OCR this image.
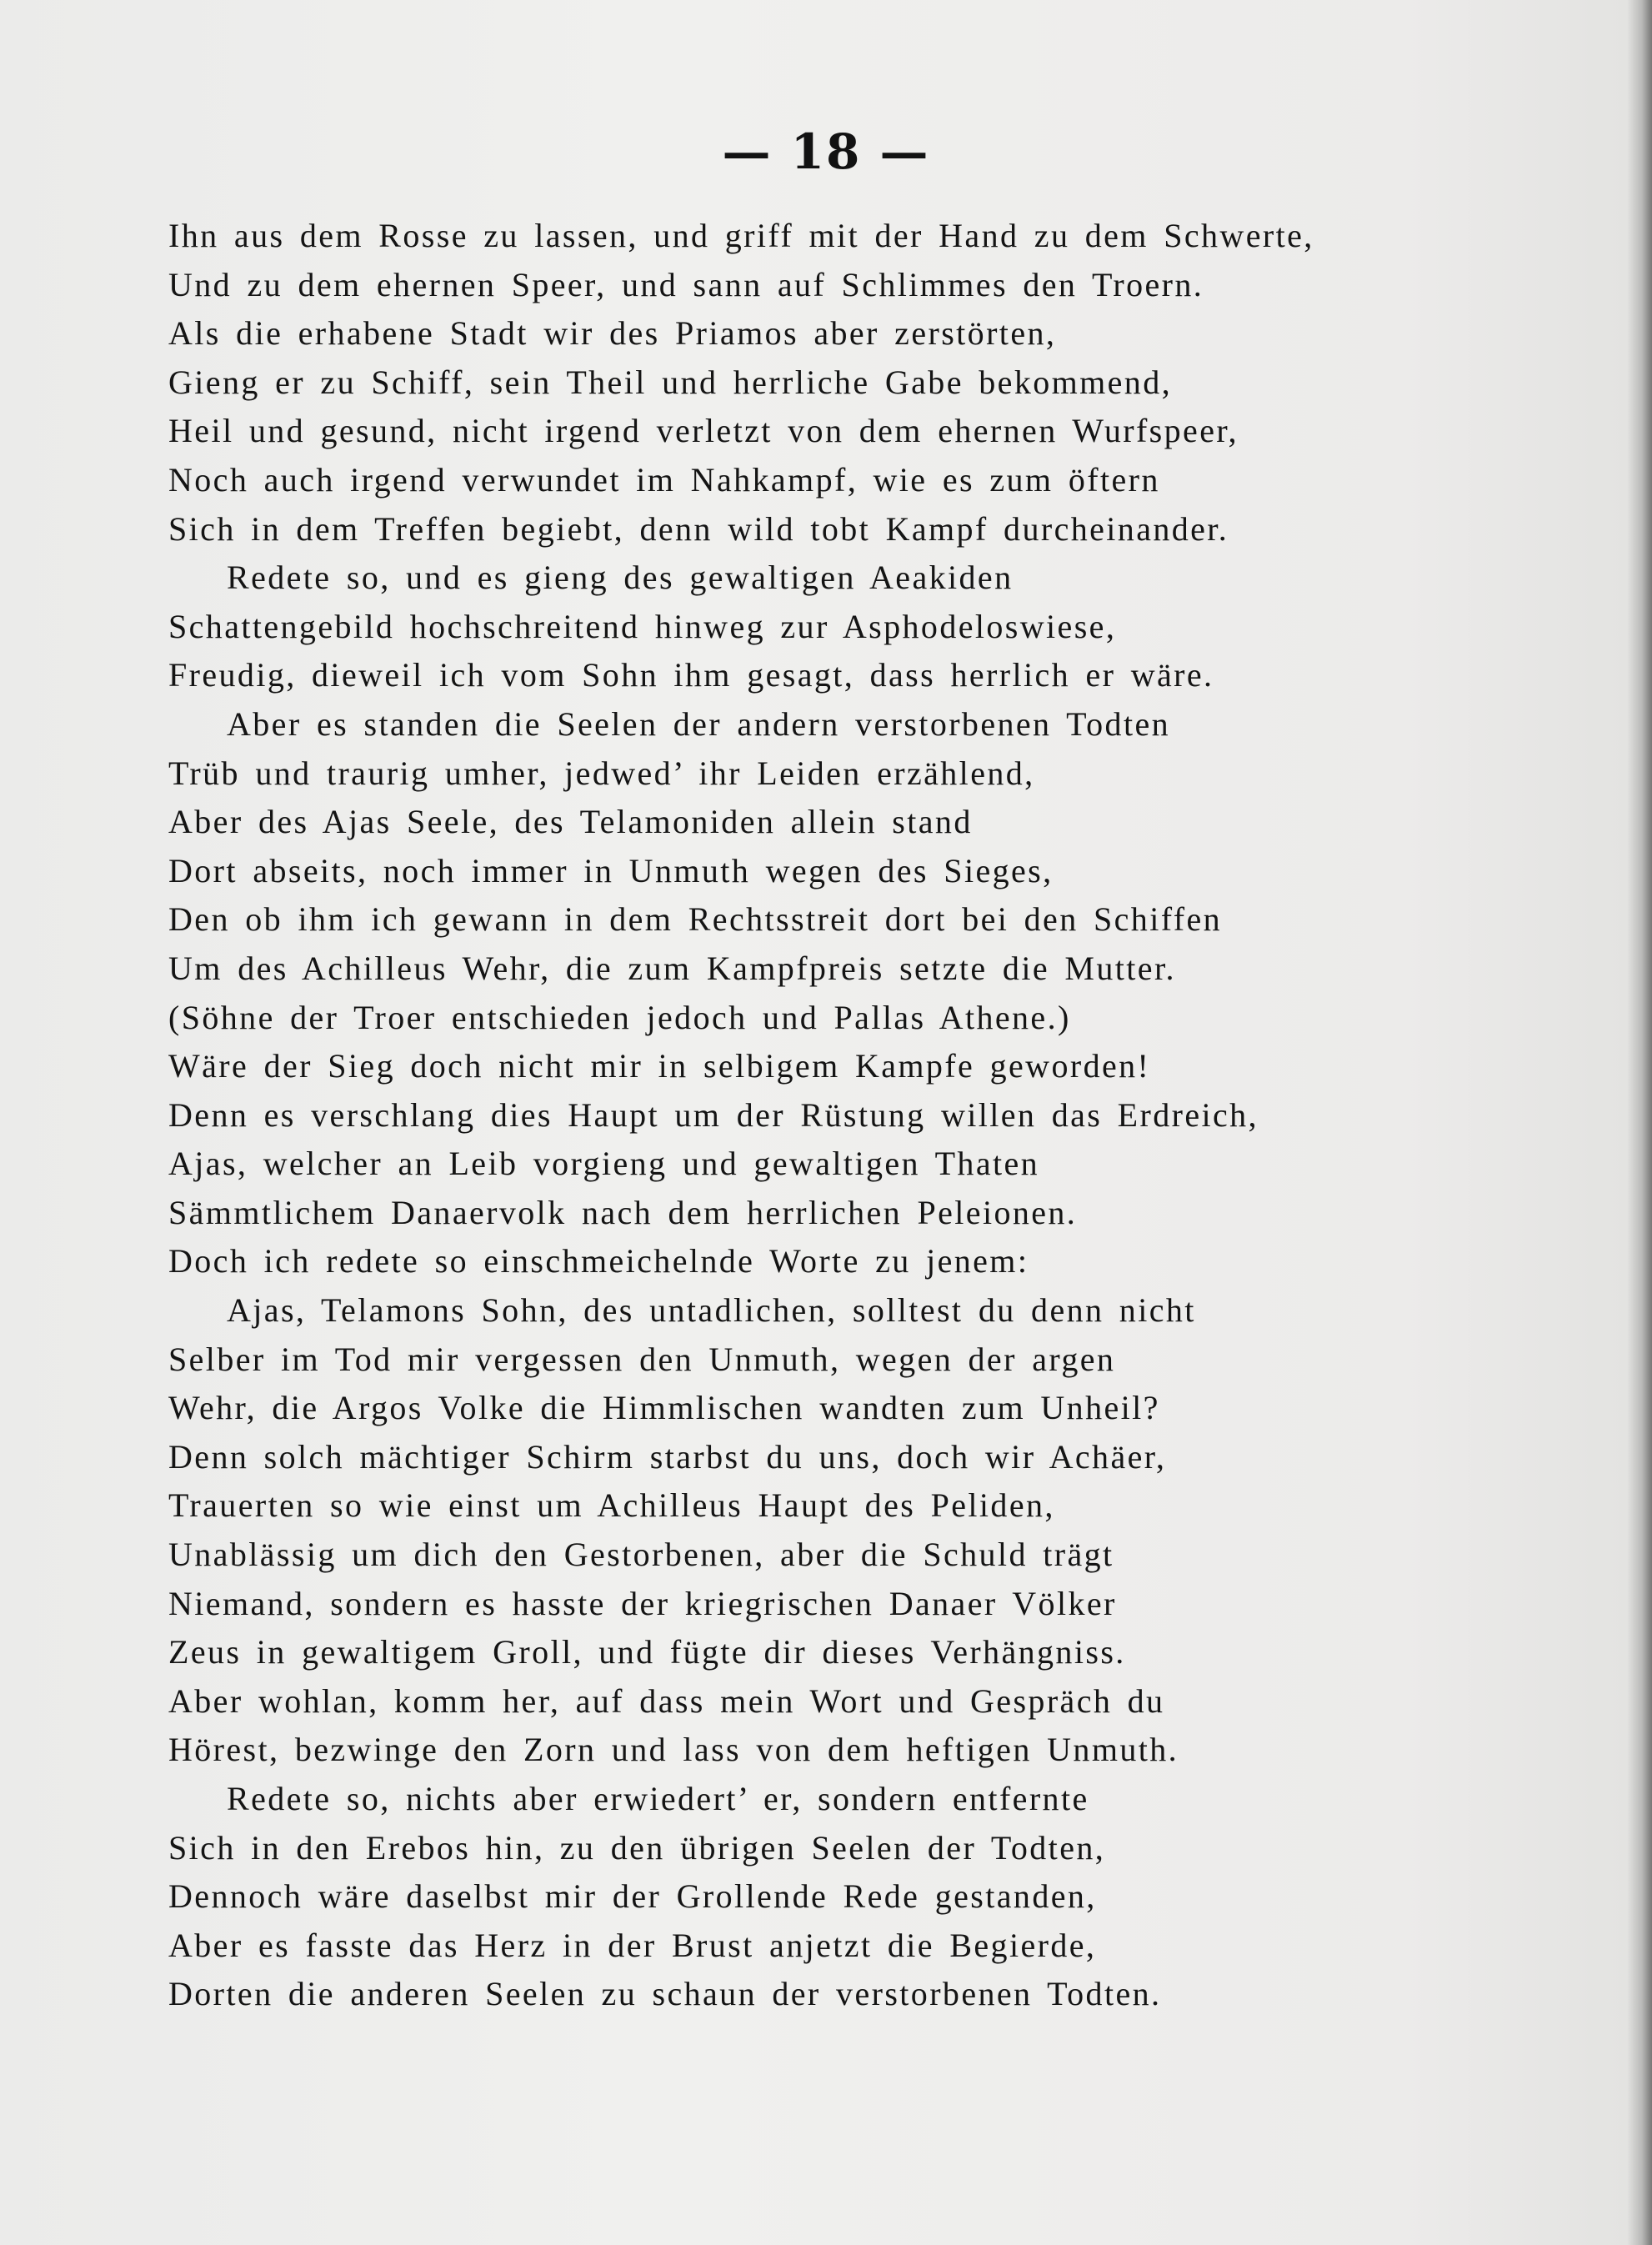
— 18 —
Ihn aus dem Rosse zu lassen, und griff mit der Hand zu dem Schwerte,
Und zu dem ehernen Speer, und sann auf Schlimmes den Troern.
Als die erhabene Stadt wir des Priamos aber zerstörten,
Gieng er zu Schiff, sein Theil und herrliche Gabe bekommend,
Heil und gesund, nicht irgend verletzt von dem ehernen Wurfspeer,
Noch auch irgend verwundet im Nahkampf, wie es zum öftern
Sich in dem Treffen begiebt, denn wild tobt Kampf durcheinander.
Redete so, und es gieng des gewaltigen Aeakiden
Schattengebild hochschreitend hinweg zur Asphodeloswiese,
Freudig, dieweil ich vom Sohn ihm gesagt, dass herrlich er wäre.
Aber es standen die Seelen der andern verstorbenen Todten
Trüb und traurig umher, jedwed’ ihr Leiden erzählend,
Aber des Ajas Seele, des Telamoniden allein stand
Dort abseits, noch immer in Unmuth wegen des Sieges,
Den ob ihm ich gewann in dem Rechtsstreit dort bei den Schiffen
Um des Achilleus Wehr, die zum Kampfpreis setzte die Mutter.
(Söhne der Troer entschieden jedoch und Pallas Athene.)
Wäre der Sieg doch nicht mir in selbigem Kampfe geworden!
Denn es verschlang dies Haupt um der Rüstung willen das Erdreich,
Ajas, welcher an Leib vorgieng und gewaltigen Thaten
Sämmtlichem Danaervolk nach dem herrlichen Peleionen.
Doch ich redete so einschmeichelnde Worte zu jenem:
Ajas, Telamons Sohn, des untadlichen, solltest du denn nicht
Selber im Tod mir vergessen den Unmuth, wegen der argen
Wehr, die Argos Volke die Himmlischen wandten zum Unheil?
Denn solch mächtiger Schirm starbst du uns, doch wir Achäer,
Trauerten so wie einst um Achilleus Haupt des Peliden,
Unablässig um dich den Gestorbenen, aber die Schuld trägt
Niemand, sondern es hasste der kriegrischen Danaer Völker
Zeus in gewaltigem Groll, und fügte dir dieses Verhängniss.
Aber wohlan, komm her, auf dass mein Wort und Gespräch du
Hörest, bezwinge den Zorn und lass von dem heftigen Unmuth.
Redete so, nichts aber erwiedert’ er, sondern entfernte
Sich in den Erebos hin, zu den übrigen Seelen der Todten,
Dennoch wäre daselbst mir der Grollende Rede gestanden,
Aber es fasste das Herz in der Brust anjetzt die Begierde,
Dorten die anderen Seelen zu schaun der verstorbenen Todten.
